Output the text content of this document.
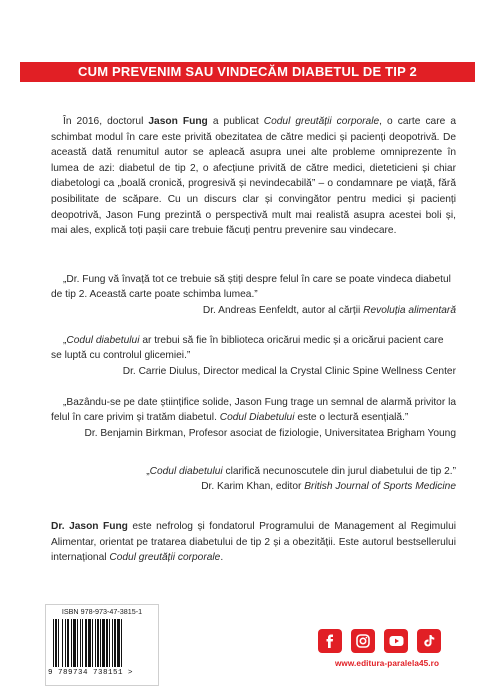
CUM PREVENIM SAU VINDECĂM DIABETUL DE TIP 2
În 2016, doctorul Jason Fung a publicat Codul greutății corporale, o carte care a schimbat modul în care este privită obezitatea de către medici și pacienți deopotrivă. De această dată renumitul autor se apleacă asupra unei alte probleme omniprezente în lumea de azi: diabetul de tip 2, o afecțiune privită de către medici, dieteticieni și chiar diabetologi ca „boală cronică, progresivă și nevindecabilă” – o condamnare pe viață, fără posibilitate de scăpare. Cu un discurs clar și convingător pentru medici și pacienți deopotrivă, Jason Fung prezintă o perspectivă mult mai realistă asupra acestei boli și, mai ales, explică toți pașii care trebuie făcuți pentru prevenire sau vindecare.
„Dr. Fung vă învață tot ce trebuie să știți despre felul în care se poate vindeca diabetul de tip 2. Această carte poate schimba lumea.”
Dr. Andreas Eenfeldt, autor al cărții Revoluția alimentară
„Codul diabetului ar trebui să fie în biblioteca oricărui medic și a oricărui pacient care se luptă cu controlul glicemiei.”
Dr. Carrie Diulus, Director medical la Crystal Clinic Spine Wellness Center
„Bazându-se pe date științifice solide, Jason Fung trage un semnal de alarmă privitor la felul în care privim și tratăm diabetul. Codul Diabetului este o lectură esențială.”
Dr. Benjamin Birkman, Profesor asociat de fiziologie, Universitatea Brigham Young
„Codul diabetului clarifică necunoscutele din jurul diabetului de tip 2.”
Dr. Karim Khan, editor British Journal of Sports Medicine
Dr. Jason Fung este nefrolog și fondatorul Programului de Management al Regimului Alimentar, orientat pe tratarea diabetului de tip 2 și a obezității. Este autorul bestsellerului internațional Codul greutății corporale.
ISBN 978-973-47-3815-1
9 789734 738151 >
www.editura-paralela45.ro
